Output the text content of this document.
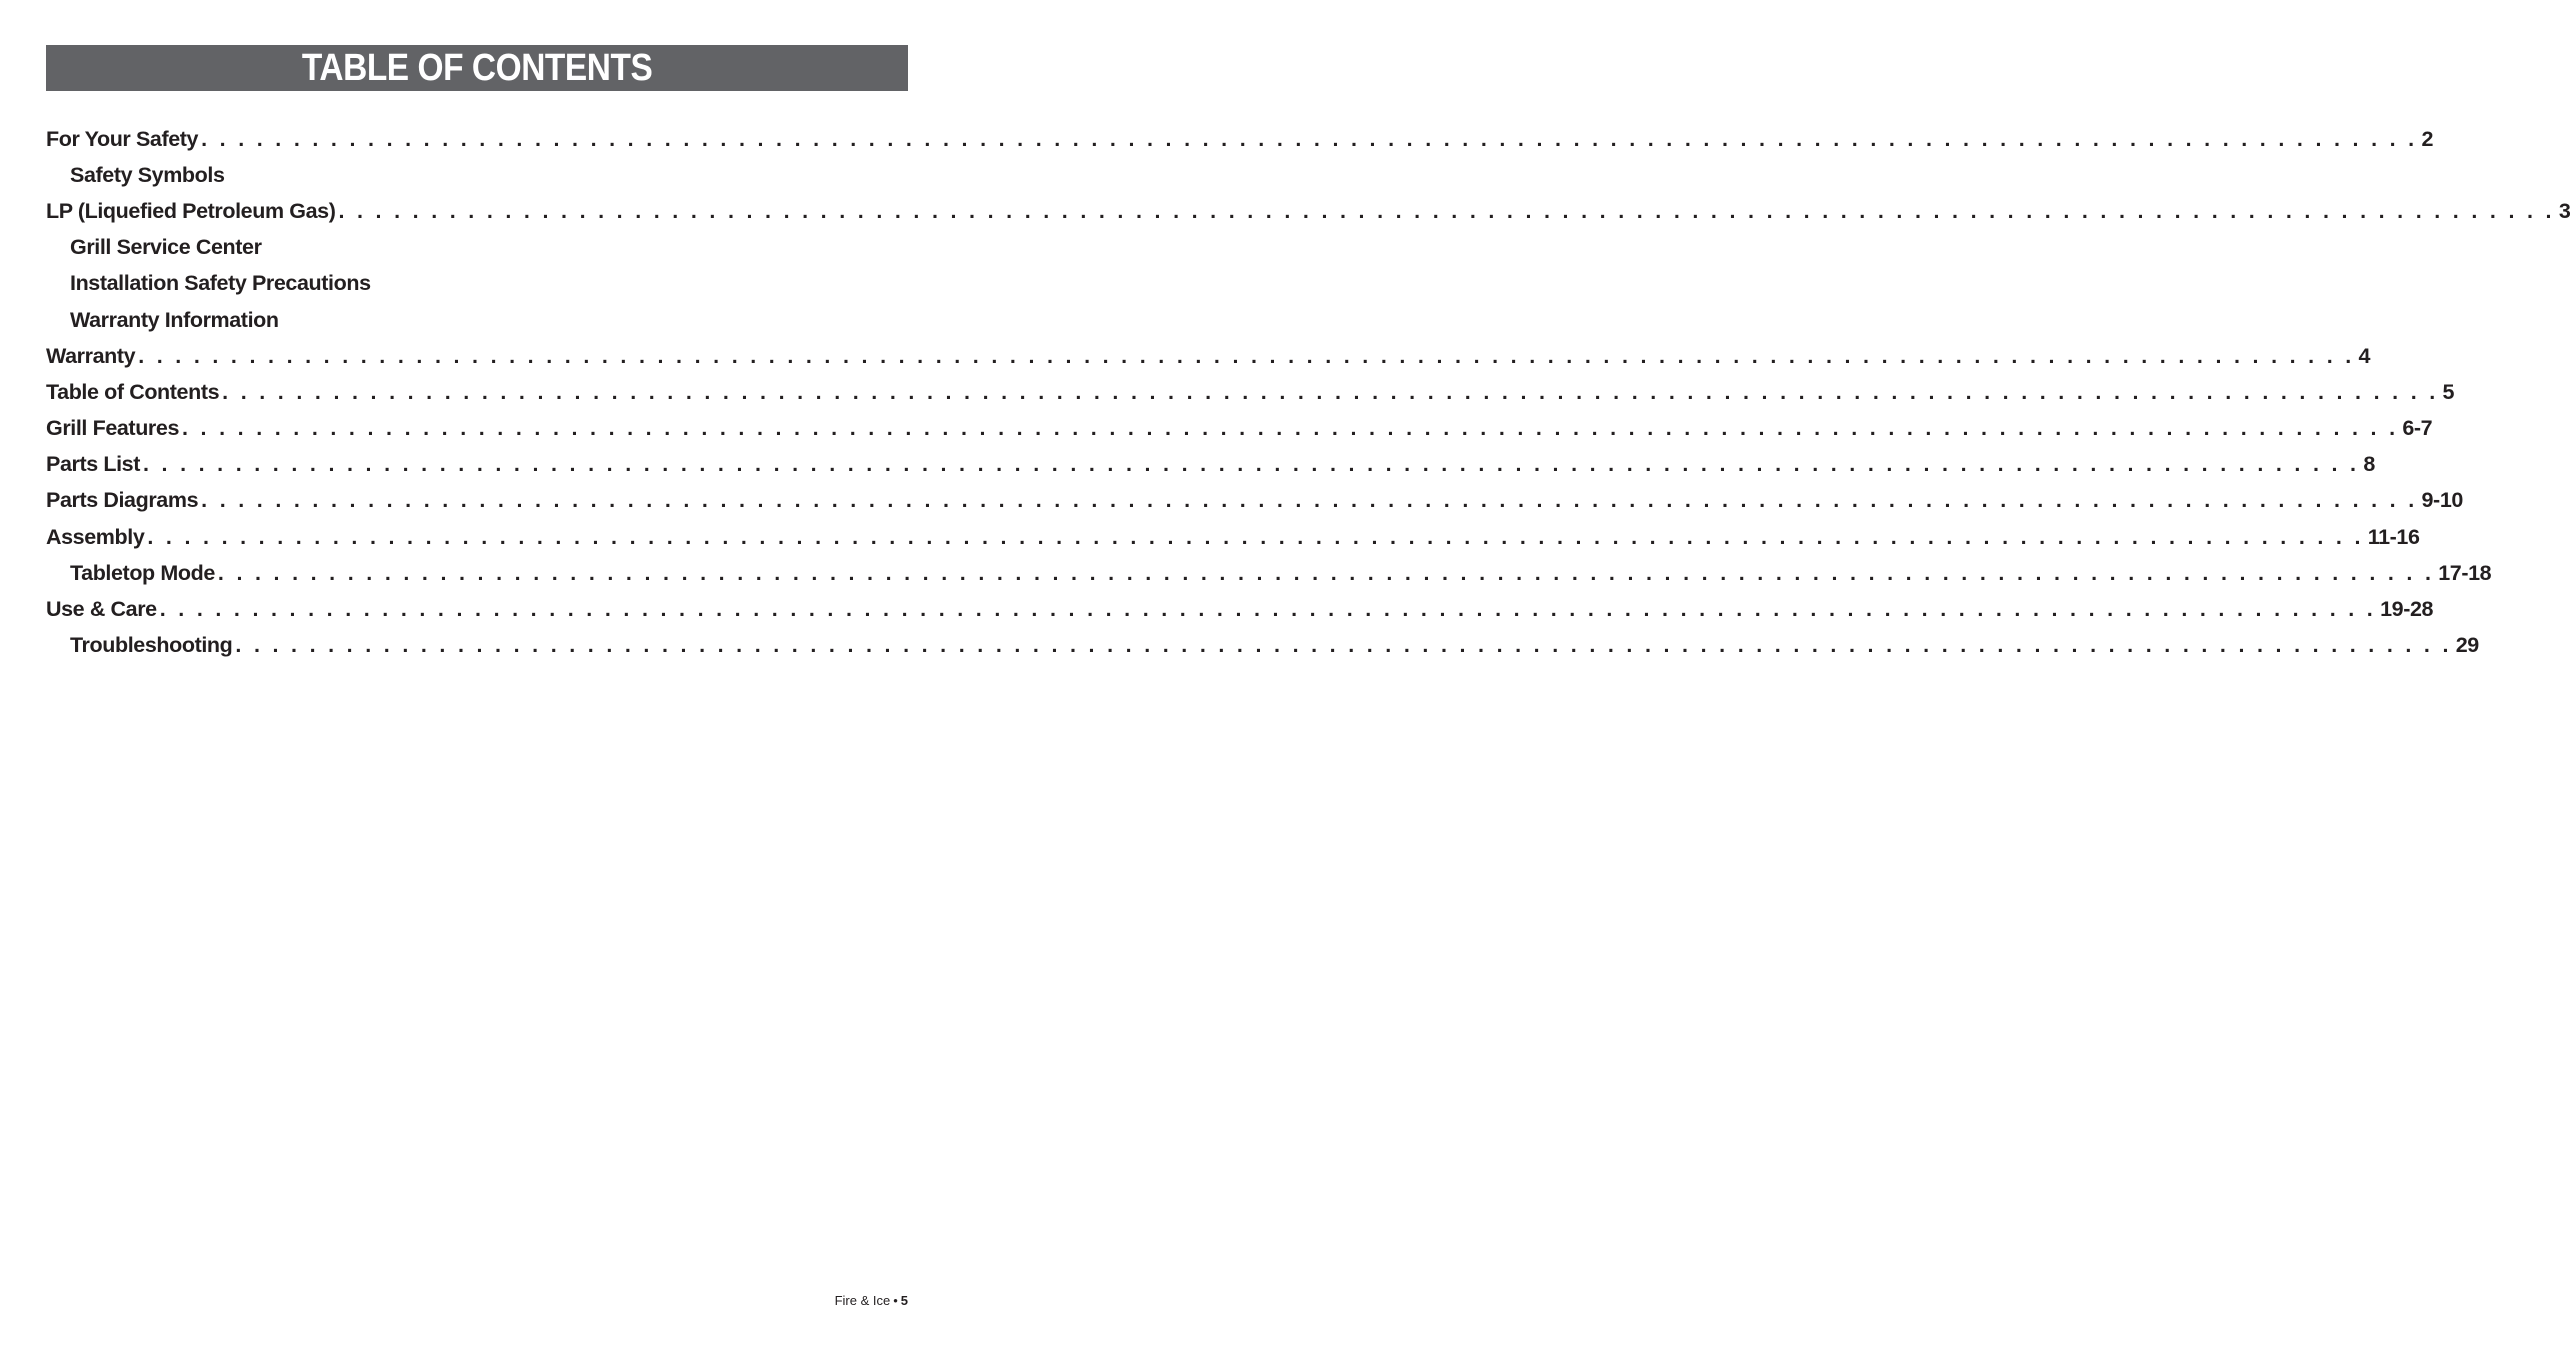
TABLE OF CONTENTS
For Your Safety . . . . . . . . . . . . . . . . . . . . . . . . . . . . . . . . . . . . . . . . . . . . . . . . . . . . . . . . . . . . . . . . . . . . . . . . . . . . . . . . . . . . . . . . . . . . . . . . . . . . . . . . . . . . . . . . . . . . . . . . 2
Safety Symbols
LP (Liquefied Petroleum Gas) . . . . . . . . . . . . . . . . . . . . . . . . . . . . . . . . . . . . . . . . . . . . . . . . . . . . . . . . . . . . . . . . . . . . . . . . . . . . . . . . . . . . . . . . . . . . . . . . . . . . . . . . . . . . . . . . . . . . . . . . 3
Grill Service Center
Installation Safety Precautions
Warranty Information
Warranty . . . . . . . . . . . . . . . . . . . . . . . . . . . . . . . . . . . . . . . . . . . . . . . . . . . . . . . . . . . . . . . . . . . . . . . . . . . . . . . . . . . . . . . . . . . . . . . . . . . . . . . . . . . . . . . . . . . . . . . . 4
Table of Contents . . . . . . . . . . . . . . . . . . . . . . . . . . . . . . . . . . . . . . . . . . . . . . . . . . . . . . . . . . . . . . . . . . . . . . . . . . . . . . . . . . . . . . . . . . . . . . . . . . . . . . . . . . . . . . . . . . . . . . . . 5
Grill Features . . . . . . . . . . . . . . . . . . . . . . . . . . . . . . . . . . . . . . . . . . . . . . . . . . . . . . . . . . . . . . . . . . . . . . . . . . . . . . . . . . . . . . . . . . . . . . . . . . . . . . . . . . . . . . . . . . . . . . . . 6-7
Parts List . . . . . . . . . . . . . . . . . . . . . . . . . . . . . . . . . . . . . . . . . . . . . . . . . . . . . . . . . . . . . . . . . . . . . . . . . . . . . . . . . . . . . . . . . . . . . . . . . . . . . . . . . . . . . . . . . . . . . . . . 8
Parts Diagrams . . . . . . . . . . . . . . . . . . . . . . . . . . . . . . . . . . . . . . . . . . . . . . . . . . . . . . . . . . . . . . . . . . . . . . . . . . . . . . . . . . . . . . . . . . . . . . . . . . . . . . . . . . . . . . . . . . . . . . . . 9-10
Assembly . . . . . . . . . . . . . . . . . . . . . . . . . . . . . . . . . . . . . . . . . . . . . . . . . . . . . . . . . . . . . . . . . . . . . . . . . . . . . . . . . . . . . . . . . . . . . . . . . . . . . . . . . . . . . . . . . . . . . . . . 11-16
Tabletop Mode . . . . . . . . . . . . . . . . . . . . . . . . . . . . . . . . . . . . . . . . . . . . . . . . . . . . . . . . . . . . . . . . . . . . . . . . . . . . . . . . . . . . . . . . . . . . . . . . . . . . . . . . . . . . . . . . . . . . . . . . 17-18
Use & Care . . . . . . . . . . . . . . . . . . . . . . . . . . . . . . . . . . . . . . . . . . . . . . . . . . . . . . . . . . . . . . . . . . . . . . . . . . . . . . . . . . . . . . . . . . . . . . . . . . . . . . . . . . . . . . . . . . . . . . . . 19-28
Troubleshooting . . . . . . . . . . . . . . . . . . . . . . . . . . . . . . . . . . . . . . . . . . . . . . . . . . . . . . . . . . . . . . . . . . . . . . . . . . . . . . . . . . . . . . . . . . . . . . . . . . . . . . . . . . . . . . . . . . . . . . . . 29
Fire & Ice • 5
